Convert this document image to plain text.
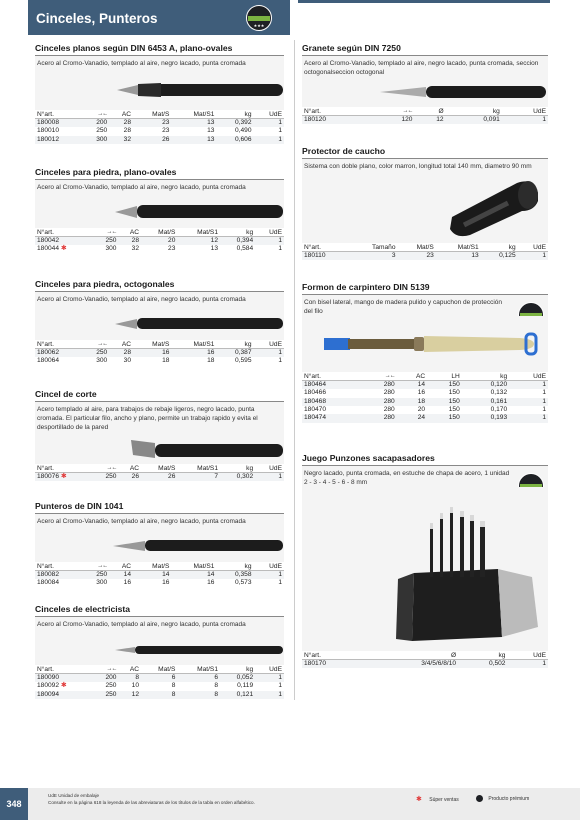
Cinceles, Punteros	★★★
Cinceles planos según DIN 6453 A, plano-ovales
Acero al Cromo-Vanadio, templado al aire, negro lacado, punta cromada
N°art.	→←	AC	Mat/S	Mat/S1	kg	UdE
180008	200	28	23	13	0,392	1
180010	250	28	23	13	0,490	1
180012	300	32	26	13	0,606	1
Cinceles para piedra, plano-ovales
Acero al Cromo-Vanadio, templado al aire, negro lacado, punta cromada
N°art.	→←	AC	Mat/S	Mat/S1	kg	UdE
180042	250	28	20	12	0,394	1
180044 ✱	300	32	23	13	0,584	1
Cinceles para piedra, octogonales
Acero al Cromo-Vanadio, templado al aire, negro lacado, punta cromada
N°art.	→←	AC	Mat/S	Mat/S1	kg	UdE
180062	250	28	16	16	0,387	1
180064	300	30	18	18	0,595	1
Cincel de corte
Acero templado al aire, para trabajos de rebaje ligeros, negro lacado, punta cromada. El particular filo, ancho y plano, permite un trabajo rapido y evita el desportillado de la pared
N°art.	→←	AC	Mat/S	Mat/S1	kg	UdE
180076 ✱	250	26	26	7	0,302	1
Punteros de DIN 1041
Acero al Cromo-Vanadio, templado al aire, negro lacado, punta cromada
N°art.	→←	AC	Mat/S	Mat/S1	kg	UdE
180082	250	14	14	14	0,358	1
180084	300	16	16	16	0,573	1
Cinceles de electricista
Acero al Cromo-Vanadio, templado al aire, negro lacado, punta cromada
N°art.	→←	AC	Mat/S	Mat/S1	kg	UdE
180090	200	8	6	6	0,052	1
180092 ✱	250	10	8	8	0,119	1
180094	250	12	8	8	0,121	1
Granete según DIN 7250
Acero al Cromo-Vanadio, templado al aire, negro lacado, punta cromada, seccion octogonalseccion octogonal
N°art.	→←	Ø	kg	UdE
180120	120	12	0,091	1
Protector de caucho
Sistema con doble plano, color marron, longitud total 140 mm, diametro 90 mm
N°art.	Tamaño	Mat/S	Mat/S1	kg	UdE
180110	3	23	13	0,125	1
Formon de carpintero DIN 5139
Con bisel lateral, mango de madera pulido y capuchon de protección del filo
N°art.	→←	AC	LH	kg	UdE
180464	280	14	150	0,120	1
180466	280	16	150	0,132	1
180468	280	18	150	0,161	1
180470	280	20	150	0,170	1
180474	280	24	150	0,193	1
Juego Punzones sacapasadores
Negro lacado, punta cromada, en estuche de chapa de acero, 1 unidad 2 - 3 - 4 - 5 - 6 - 8 mm
N°art.	Ø	kg	UdE
180170	3/4/5/6/8/10	0,502	1
348
UdE Unidad de embalaje
Consulte en la página 618 la leyenda de las abreviaturas de los títulos de la tabla en orden alfabético.	✱ Súper ventas	Producto prémium
